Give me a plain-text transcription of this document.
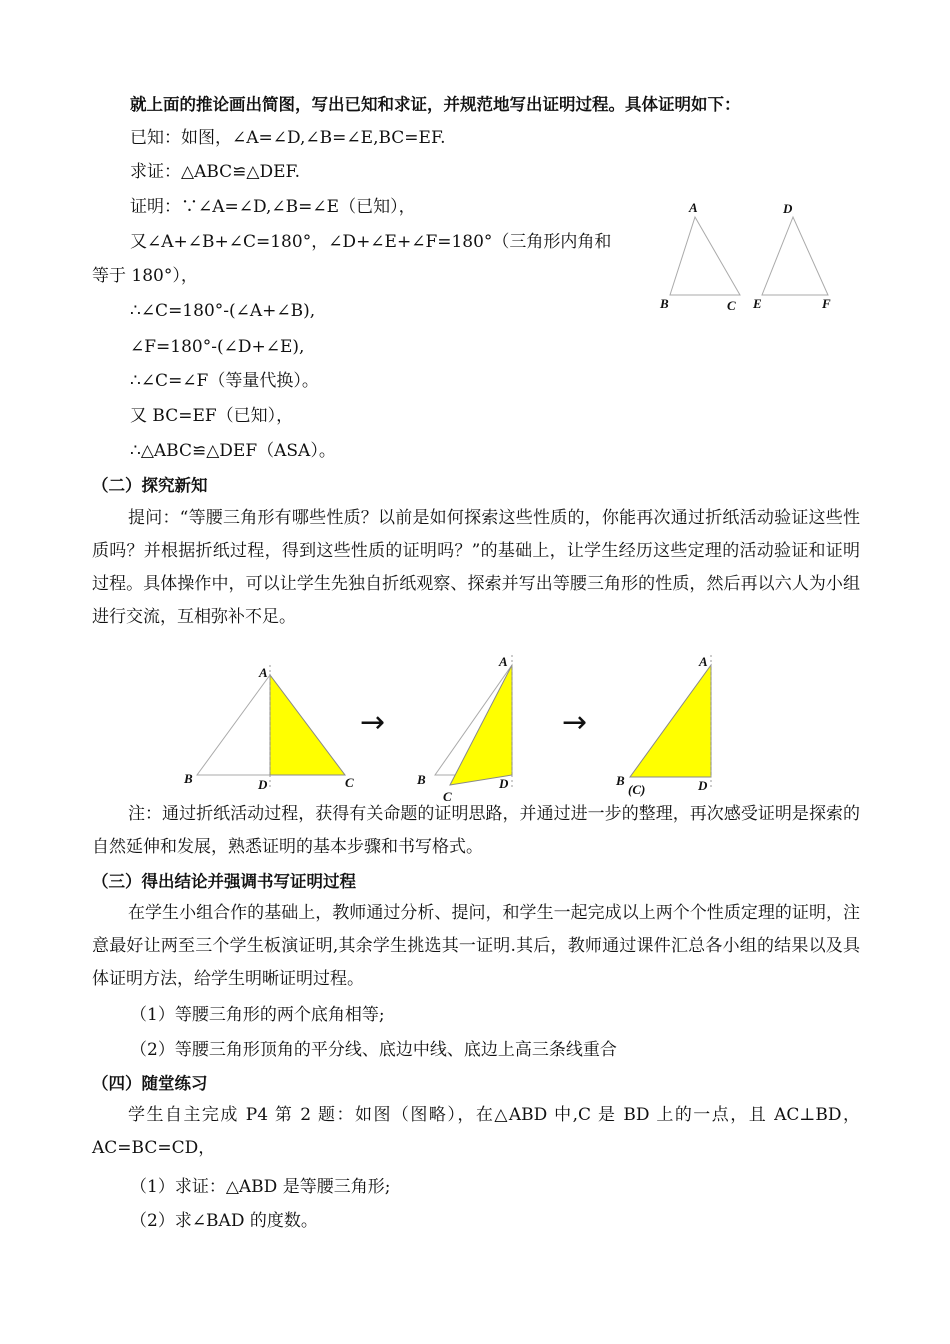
就上面的推论画出简图，写出已知和求证，并规范地写出证明过程。具体证明如下：
已知：如图，∠A=∠D,∠B=∠E,BC=EF.
求证：△ABC≌△DEF.
证明：∵∠A=∠D,∠B=∠E（已知），
又∠A+∠B+∠C=180°，∠D+∠E+∠F=180°（三角形内角和
等于 180°），
∴∠C=180°-(∠A+∠B),
∠F=180°-(∠D+∠E),
∴∠C=∠F（等量代换）。
又 BC=EF（已知），
∴△ABC≌△DEF（ASA）。
A
B	C
D
E	F
（二）探究新知
提问：“等腰三角形有哪些性质？以前是如何探索这些性质的，你能再次通过折纸活动验证这些性质吗？并根据折纸过程，得到这些性质的证明吗？”的基础上，让学生经历这些定理的活动验证和证明过程。具体操作中，可以让学生先独自折纸观察、探索并写出等腰三角形的性质，然后再以六人为小组进行交流，互相弥补不足。
A
B	D	C
→
A
B	D
C
→
A
B	D
(C)
注：通过折纸活动过程，获得有关命题的证明思路，并通过进一步的整理，再次感受证明是探索的自然延伸和发展，熟悉证明的基本步骤和书写格式。
（三）得出结论并强调书写证明过程
在学生小组合作的基础上，教师通过分析、提问，和学生一起完成以上两个个性质定理的证明，注意最好让两至三个学生板演证明,其余学生挑选其一证明.其后，教师通过课件汇总各小组的结果以及具体证明方法，给学生明晰证明过程。
（1）等腰三角形的两个底角相等;
（2）等腰三角形顶角的平分线、底边中线、底边上高三条线重合
（四）随堂练习
学生自主完成 P4 第 2 题：如图（图略），在△ABD 中,C 是 BD 上的一点，且 AC⊥BD，AC=BC=CD，
（1）求证：△ABD 是等腰三角形;
（2）求∠BAD 的度数。
